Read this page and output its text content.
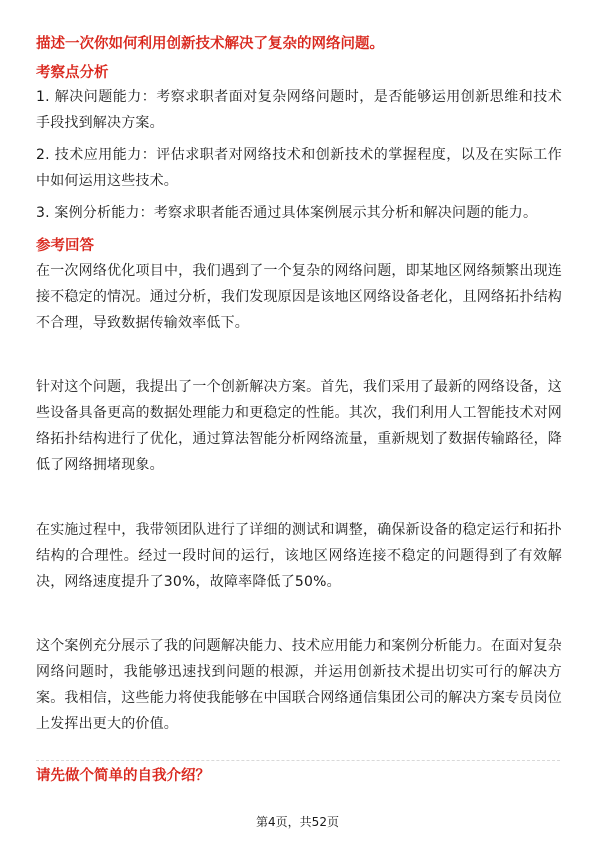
描述一次你如何利用创新技术解决了复杂的网络问题。
考察点分析

1. 解决问题能力：考察求职者面对复杂网络问题时，是否能够运用创新思维和技术手段找到解决方案。

2. 技术应用能力：评估求职者对网络技术和创新技术的掌握程度，以及在实际工作中如何运用这些技术。

3. 案例分析能力：考察求职者能否通过具体案例展示其分析和解决问题的能力。

参考回答

在一次网络优化项目中，我们遇到了一个复杂的网络问题，即某地区网络频繁出现连接不稳定的情况。通过分析，我们发现原因是该地区网络设备老化，且网络拓扑结构不合理，导致数据传输效率低下。

针对这个问题，我提出了一个创新解决方案。首先，我们采用了最新的网络设备，这些设备具备更高的数据处理能力和更稳定的性能。其次，我们利用人工智能技术对网络拓扑结构进行了优化，通过算法智能分析网络流量，重新规划了数据传输路径，降低了网络拥堵现象。

在实施过程中，我带领团队进行了详细的测试和调整，确保新设备的稳定运行和拓扑结构的合理性。经过一段时间的运行，该地区网络连接不稳定的问题得到了有效解决，网络速度提升了30%，故障率降低了50%。

这个案例充分展示了我的问题解决能力、技术应用能力和案例分析能力。在面对复杂网络问题时，我能够迅速找到问题的根源，并运用创新技术提出切实可行的解决方案。我相信，这些能力将使我能够在中国联合网络通信集团公司的解决方案专员岗位上发挥出更大的价值。

请先做个简单的自我介绍？
第4页，共52页
